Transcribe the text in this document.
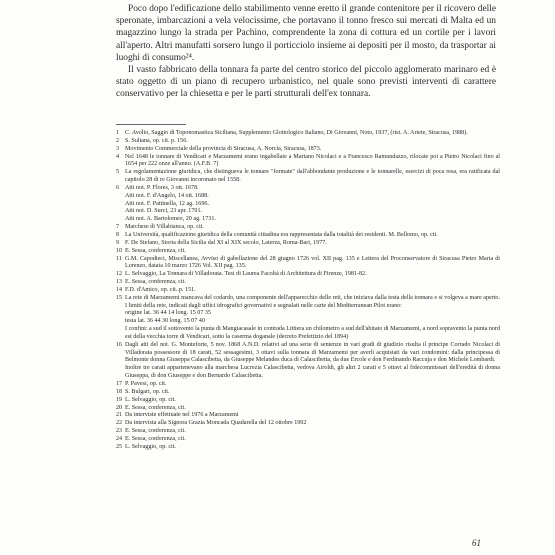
Poco dopo l'edificazione dello stabilimento venne eretto il grande contenitore per il ricovero delle speronate, imbarcazioni a vela velocissime, che portavano il tonno fresco sui mercati di Malta ed un magazzino lungo la strada per Pachino, comprendente la zona di cottura ed un cortile per i lavori all'aperto. Altri manufatti sorsero lungo il porticciolo insieme ai depositi per il mosto, da trasportar ai luoghi di consumo²⁴.

Il vasto fabbricato della tonnara fa parte del centro storico del piccolo agglomerato marinaro ed è stato oggetto di un piano di recupero urbanistico, nel quale sono previsti interventi di carattere conservativo per la chiesetta e per le parti strutturali dell'ex tonnara.

1 C. Avolio, Saggio di Toponomastica Siciliana, Supplemento Glottologico Italiano, Di Giovanni, Noto, 1937, (rist. A. Ariete, Siracusa, 1988).
2 S. Sultana, op. cit. p. 156.
3 Movimento Commerciale della provincia di Siracusa, A. Norcia, Siracusa, 1873.
4 Nel 1648 le tonnare di Vendicari e Marzamemi erano ingabellate a Mariano Nicolaci e a Francesco Ramundazzo, rilocate poi a Pietro Nicolaci fino al 1654 per 222 onze all'anno. (A.F.B. 7)
5 La regolamentazione giuridica, che distingueva le tonnare "formate" dall'abbondante produzione e le tonnarelle, esercizi di poca resa, era ratificata dal capitolo 28 di re Giovanni incoronato nel 1558.
6 Atti not. P. Flores, 3 ott. 1678.
Atti not. F. d'Angelo, 14 ott. 1688.
Atti not. F. Pattinella, 12 ag. 1696.
Atti not. D. Surci, 23 apr. 1701.
Atti not. A. Bartolomeo, 20 ag. 1731.
7 Marchese di Villabianca, op. cit.
8 La Università, qualificazione giuridica della comunità cittadina era rappresentata dalla totalità dei residenti. M. Bellomo, op. cit.
9 F. De Stefano, Storia della Sicilia dal XI al XIX secolo, Laterza, Roma-Bari, 1977.
10 E. Sessa, conferenza, cit.
11 G.M. Capodieci, Miscellanea, Avviso di gabellazione del 28 giugno 1726 vol. XII pag. 135 e Lettera del Proconservatore di Siracusa Pietro Maria di Lorenzo, datata 10 marzo 1726 Vol. XII pag. 135.
12 L. Selvaggio, La Tonnara di Villadorata. Tesi di Laurea Facoltà di Architettura di Firenze, 1981-82.
13 E. Sessa, conferenza, cit.
14 F.D. d'Amico, op. cit..p. 151.
15 La rete di Marzamemi mancava del codardo, una componente dell'apparecchio delle reti, che iniziava dalla testa della tonnara e si volgeva a mare aperto. I limiti della rete, indicati dagli uffici idrografici governativi e segnalati nelle carte del Mediterranean Pilot erano:
origine lat. 36 44 14 long. 15 07 35
testa lat. 36 44 30 long. 15 07 40
I confini: a sud il sottovento la punta di Mangiacasale in contrada Littiera un chilometro a sud dell'abitato di Marzamemi, a nord sopravento la punta nord est della vecchia torre di Vendicari, sotto la caserma doganale (decreto Prefettizio del 1894)
16 Dagli atti del not. G. Monteforte, 5 nov. 1868 A.N.D. relativi ad una serie di sentenze in vari gradi di giudizio risulta il principe Corrado Nicolaci di Villadorata possessore di 18 carati, 52 sessagesimi, 3 ottavi sulla tonnara di Marzamemi per averli acquistati da vari condomini: dalla principessa di Belmonte donna Giuseppa Calascibetta, da Giuseppe Melandes duca di Calascibetta, da due Ercole e don Ferdinando Raccuja e don Michele Lombardi.
Inoltre tre carati appartenevano alla marchesa Lucrezia Calascibetta, vedova Airoldi, gli altri 2 carati e 5 ottavi al fidecommissari dell'eredità di donna Giuseppa, di don Giuseppe e don Bernardo Calascibetta.
17 P. Pavesi, op. cit.
18 S. Bulgari, op. cit.
19 L. Selvaggio, op. cit.
20 E. Sessa, conferenza, cit.
21 Da interviste effettuate nel 1976 a Marzamemi
22 Da intervista alla Signora Grazia Moncada Quadarella del 12 ottobre 1992
23 E. Sessa, conferenza, cit.
24 E. Sessa, conferenza, cit.
25 L. Selvaggio, op. cit.
61
